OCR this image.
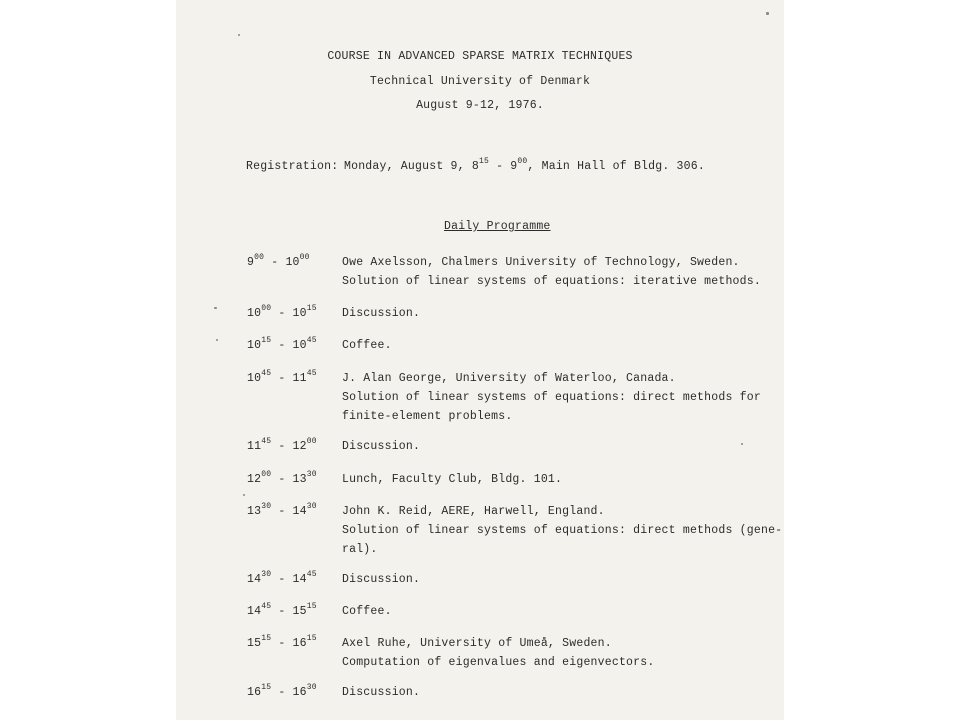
COURSE IN ADVANCED SPARSE MATRIX TECHNIQUES
Technical University of Denmark
August 9-12, 1976.
Registration: Monday, August 9, $8^{15} - 9^{00}$, Main Hall of Bldg. 306.
Daily Programme
$9^{00} - 10^{00}$	Owe Axelsson, Chalmers University of Technology, Sweden.
Solution of linear systems of equations: iterative methods.
$10^{00} - 10^{15}$ Discussion.
$10^{15} - 10^{45}$ Coffee.
$10^{45} - 11^{45}$ J. Alan George, University of Waterloo, Canada.
Solution of linear systems of equations: direct methods for
finite-element problems.
$11^{45} - 12^{00}$ Discussion.
$12^{00} - 13^{30}$ Lunch, Faculty Club, Bldg. 101.
$13^{30} - 14^{30}$ John K. Reid, AERE, Harwell, England.
Solution of linear systems of equations: direct methods (gene-
ral).
$14^{30} - 14^{45}$ Discussion.
$14^{45} - 15^{15}$ Coffee.
$15^{15} - 16^{15}$ Axel Ruhe, University of Umeå, Sweden.
Computation of eigenvalues and eigenvectors.
$16^{15} - 16^{30}$ Discussion.
